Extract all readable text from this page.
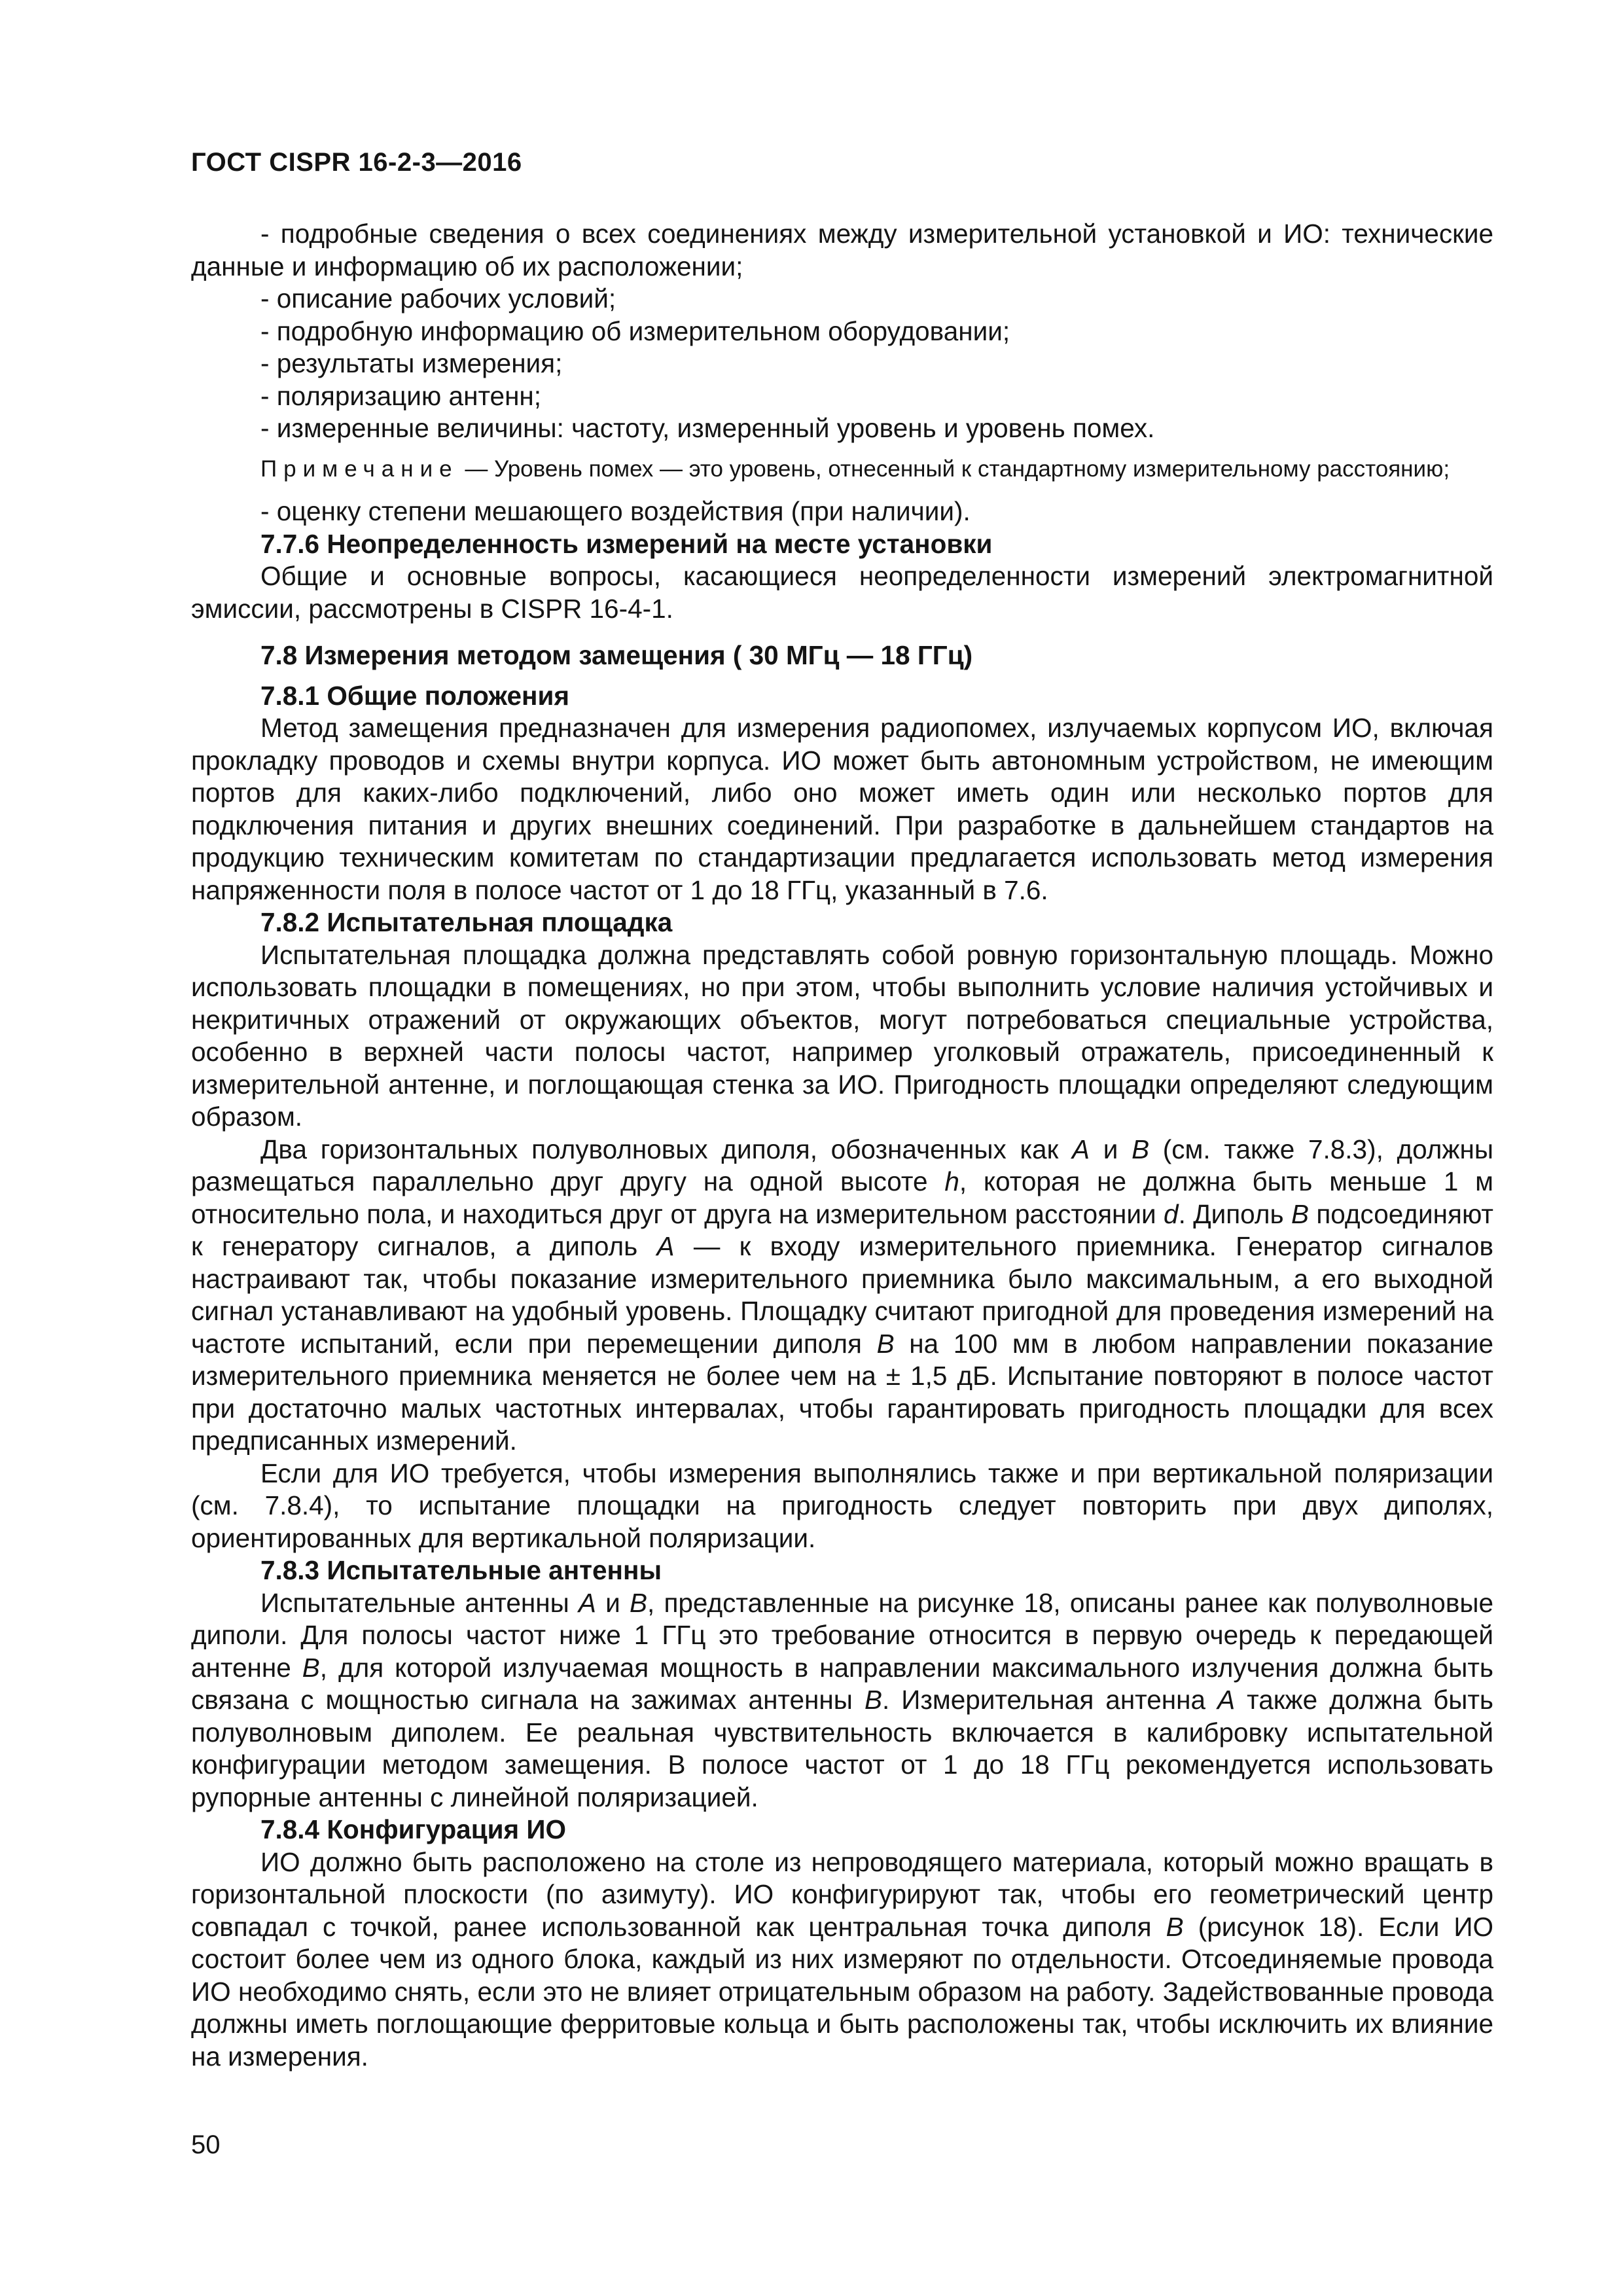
ГОСТ CISPR 16-2-3—2016

- подробные сведения о всех соединениях между измерительной установкой и ИО: технические данные и информацию об их расположении;

- описание рабочих условий;

- подробную информацию об измерительном оборудовании;

- результаты измерения;

- поляризацию антенн;

- измеренные величины: частоту, измеренный уровень и уровень помех.

Примечание — Уровень помех — это уровень, отнесенный к стандартному измерительному расстоянию;

- оценку степени мешающего воздействия (при наличии).

7.7.6 Неопределенность измерений на месте установки

Общие и основные вопросы, касающиеся неопределенности измерений электромагнитной эмиссии, рассмотрены в CISPR 16-4-1.

7.8 Измерения методом замещения ( 30 МГц — 18 ГГц)

7.8.1 Общие положения

Метод замещения предназначен для измерения радиопомех, излучаемых корпусом ИО, включая прокладку проводов и схемы внутри корпуса. ИО может быть автономным устройством, не имеющим портов для каких-либо подключений, либо оно может иметь один или несколько портов для подключения питания и других внешних соединений. При разработке в дальнейшем стандартов на продукцию техническим комитетам по стандартизации предлагается использовать метод измерения напряженности поля в полосе частот от 1 до 18 ГГц, указанный в 7.6.

7.8.2 Испытательная площадка

Испытательная площадка должна представлять собой ровную горизонтальную площадь. Можно использовать площадки в помещениях, но при этом, чтобы выполнить условие наличия устойчивых и некритичных отражений от окружающих объектов, могут потребоваться специальные устройства, особенно в верхней части полосы частот, например уголковый отражатель, присоединенный к измерительной антенне, и поглощающая стенка за ИО. Пригодность площадки определяют следующим образом.

Два горизонтальных полуволновых диполя, обозначенных как А и В (см. также 7.8.3), должны размещаться параллельно друг другу на одной высоте h, которая не должна быть меньше 1 м относительно пола, и находиться друг от друга на измерительном расстоянии d. Диполь В подсоединяют к генератору сигналов, а диполь А — к входу измерительного приемника. Генератор сигналов настраивают так, чтобы показание измерительного приемника было максимальным, а его выходной сигнал устанавливают на удобный уровень. Площадку считают пригодной для проведения измерений на частоте испытаний, если при перемещении диполя В на 100 мм в любом направлении показание измерительного приемника меняется не более чем на ± 1,5 дБ. Испытание повторяют в полосе частот при достаточно малых частотных интервалах, чтобы гарантировать пригодность площадки для всех предписанных измерений.

Если для ИО требуется, чтобы измерения выполнялись также и при вертикальной поляризации (см. 7.8.4), то испытание площадки на пригодность следует повторить при двух диполях, ориентированных для вертикальной поляризации.

7.8.3 Испытательные антенны

Испытательные антенны А и В, представленные на рисунке 18, описаны ранее как полуволновые диполи. Для полосы частот ниже 1 ГГц это требование относится в первую очередь к передающей антенне В, для которой излучаемая мощность в направлении максимального излучения должна быть связана с мощностью сигнала на зажимах антенны В. Измерительная антенна А также должна быть полуволновым диполем. Ее реальная чувствительность включается в калибровку испытательной конфигурации методом замещения. В полосе частот от 1 до 18 ГГц рекомендуется использовать рупорные антенны с линейной поляризацией.

7.8.4 Конфигурация ИО

ИО должно быть расположено на столе из непроводящего материала, который можно вращать в горизонтальной плоскости (по азимуту). ИО конфигурируют так, чтобы его геометрический центр совпадал с точкой, ранее использованной как центральная точка диполя В (рисунок 18). Если ИО состоит более чем из одного блока, каждый из них измеряют по отдельности. Отсоединяемые провода ИО необходимо снять, если это не влияет отрицательным образом на работу. Задействованные провода должны иметь поглощающие ферритовые кольца и быть расположены так, чтобы исключить их влияние на измерения.

50
